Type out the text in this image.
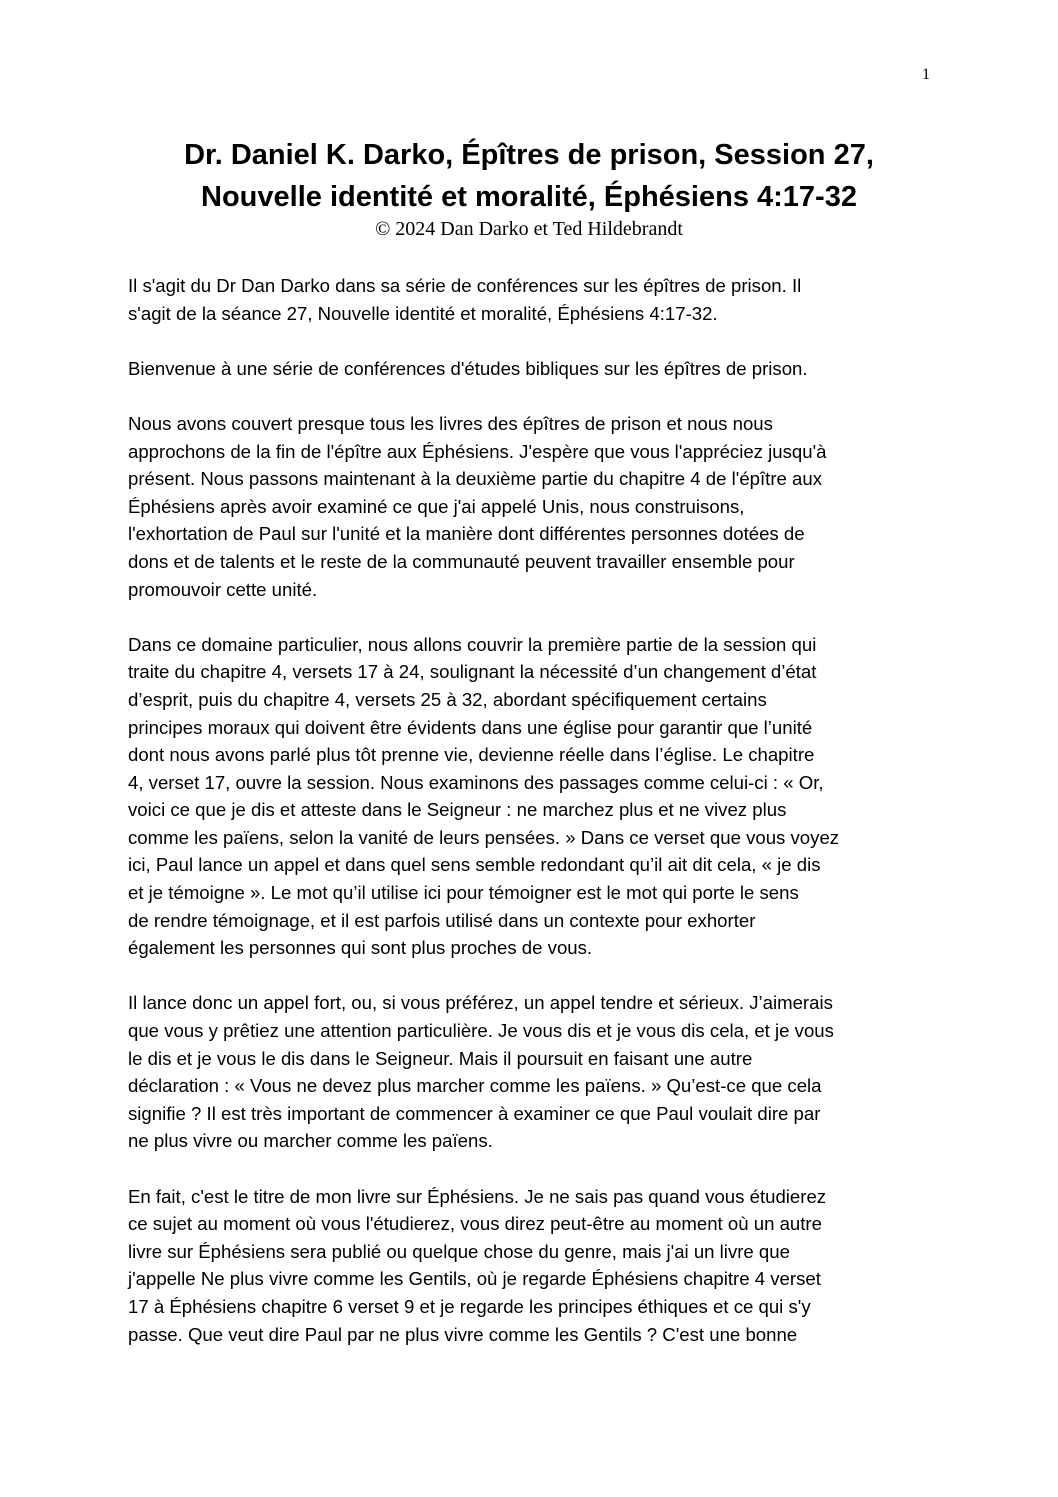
1
Dr. Daniel K. Darko, Épîtres de prison, Session 27,
Nouvelle identité et moralité, Éphésiens 4:17-32
© 2024 Dan Darko et Ted Hildebrandt

Il s'agit du Dr Dan Darko dans sa série de conférences sur les épîtres de prison. Il
s'agit de la séance 27, Nouvelle identité et moralité, Éphésiens 4:17-32.

Bienvenue à une série de conférences d'études bibliques sur les épîtres de prison.

Nous avons couvert presque tous les livres des épîtres de prison et nous nous
approchons de la fin de l'épître aux Éphésiens. J'espère que vous l'appréciez jusqu'à
présent. Nous passons maintenant à la deuxième partie du chapitre 4 de l'épître aux
Éphésiens après avoir examiné ce que j'ai appelé Unis, nous construisons,
l'exhortation de Paul sur l'unité et la manière dont différentes personnes dotées de
dons et de talents et le reste de la communauté peuvent travailler ensemble pour
promouvoir cette unité.

Dans ce domaine particulier, nous allons couvrir la première partie de la session qui
traite du chapitre 4, versets 17 à 24, soulignant la nécessité d’un changement d’état
d’esprit, puis du chapitre 4, versets 25 à 32, abordant spécifiquement certains
principes moraux qui doivent être évidents dans une église pour garantir que l’unité
dont nous avons parlé plus tôt prenne vie, devienne réelle dans l’église. Le chapitre
4, verset 17, ouvre la session. Nous examinons des passages comme celui-ci : « Or,
voici ce que je dis et atteste dans le Seigneur : ne marchez plus et ne vivez plus
comme les païens, selon la vanité de leurs pensées. » Dans ce verset que vous voyez
ici, Paul lance un appel et dans quel sens semble redondant qu’il ait dit cela, « je dis
et je témoigne ». Le mot qu’il utilise ici pour témoigner est le mot qui porte le sens
de rendre témoignage, et il est parfois utilisé dans un contexte pour exhorter
également les personnes qui sont plus proches de vous.

Il lance donc un appel fort, ou, si vous préférez, un appel tendre et sérieux. J’aimerais
que vous y prêtiez une attention particulière. Je vous dis et je vous dis cela, et je vous
le dis et je vous le dis dans le Seigneur. Mais il poursuit en faisant une autre
déclaration : « Vous ne devez plus marcher comme les païens. » Qu’est-ce que cela
signifie ? Il est très important de commencer à examiner ce que Paul voulait dire par
ne plus vivre ou marcher comme les païens.

En fait, c'est le titre de mon livre sur Éphésiens. Je ne sais pas quand vous étudierez
ce sujet au moment où vous l'étudierez, vous direz peut-être au moment où un autre
livre sur Éphésiens sera publié ou quelque chose du genre, mais j'ai un livre que
j'appelle Ne plus vivre comme les Gentils, où je regarde Éphésiens chapitre 4 verset
17 à Éphésiens chapitre 6 verset 9 et je regarde les principes éthiques et ce qui s'y
passe. Que veut dire Paul par ne plus vivre comme les Gentils ? C'est une bonne
